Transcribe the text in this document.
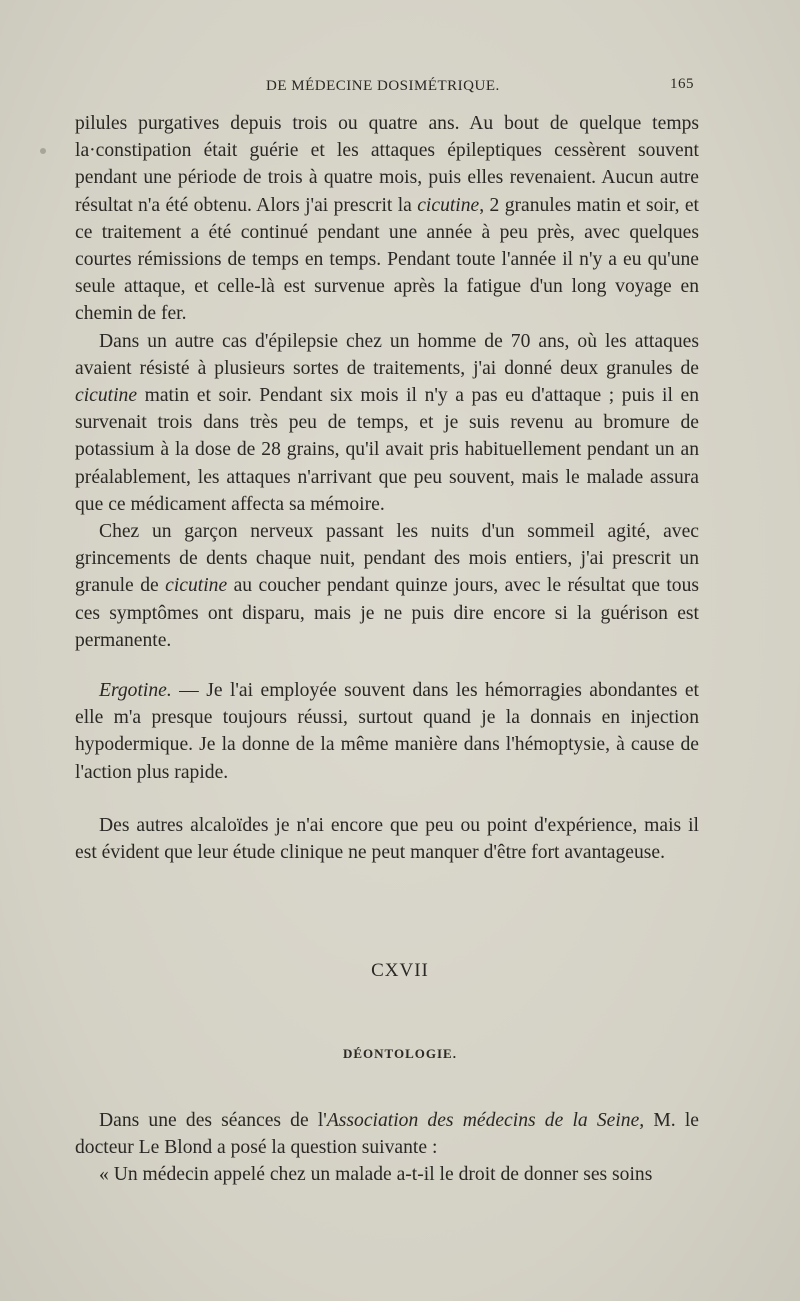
DE MÉDECINE DOSIMÉTRIQUE.	165

pilules purgatives depuis trois ou quatre ans. Au bout de quelque temps la·constipation était guérie et les attaques épileptiques cessèrent souvent pendant une période de trois à quatre mois, puis elles revenaient. Aucun autre résultat n'a été obtenu. Alors j'ai prescrit la cicutine, 2 granules matin et soir, et ce traitement a été continué pendant une année à peu près, avec quelques courtes rémissions de temps en temps. Pendant toute l'année il n'y a eu qu'une seule attaque, et celle-là est survenue après la fatigue d'un long voyage en chemin de fer.

Dans un autre cas d'épilepsie chez un homme de 70 ans, où les attaques avaient résisté à plusieurs sortes de traitements, j'ai donné deux granules de cicutine matin et soir. Pendant six mois il n'y a pas eu d'attaque ; puis il en survenait trois dans très peu de temps, et je suis revenu au bromure de potassium à la dose de 28 grains, qu'il avait pris habituellement pendant un an préalablement, les attaques n'arrivant que peu souvent, mais le malade assura que ce médicament affecta sa mémoire.

Chez un garçon nerveux passant les nuits d'un sommeil agité, avec grincements de dents chaque nuit, pendant des mois entiers, j'ai prescrit un granule de cicutine au coucher pendant quinze jours, avec le résultat que tous ces symptômes ont disparu, mais je ne puis dire encore si la guérison est permanente.

Ergotine. — Je l'ai employée souvent dans les hémorragies abondantes et elle m'a presque toujours réussi, surtout quand je la donnais en injection hypodermique. Je la donne de la même manière dans l'hémoptysie, à cause de l'action plus rapide.

Des autres alcaloïdes je n'ai encore que peu ou point d'expérience, mais il est évident que leur étude clinique ne peut manquer d'être fort avantageuse.

CXVII
DÉONTOLOGIE.

Dans une des séances de l'Association des médecins de la Seine, M. le docteur Le Blond a posé la question suivante :

« Un médecin appelé chez un malade a-t-il le droit de donner ses soins
